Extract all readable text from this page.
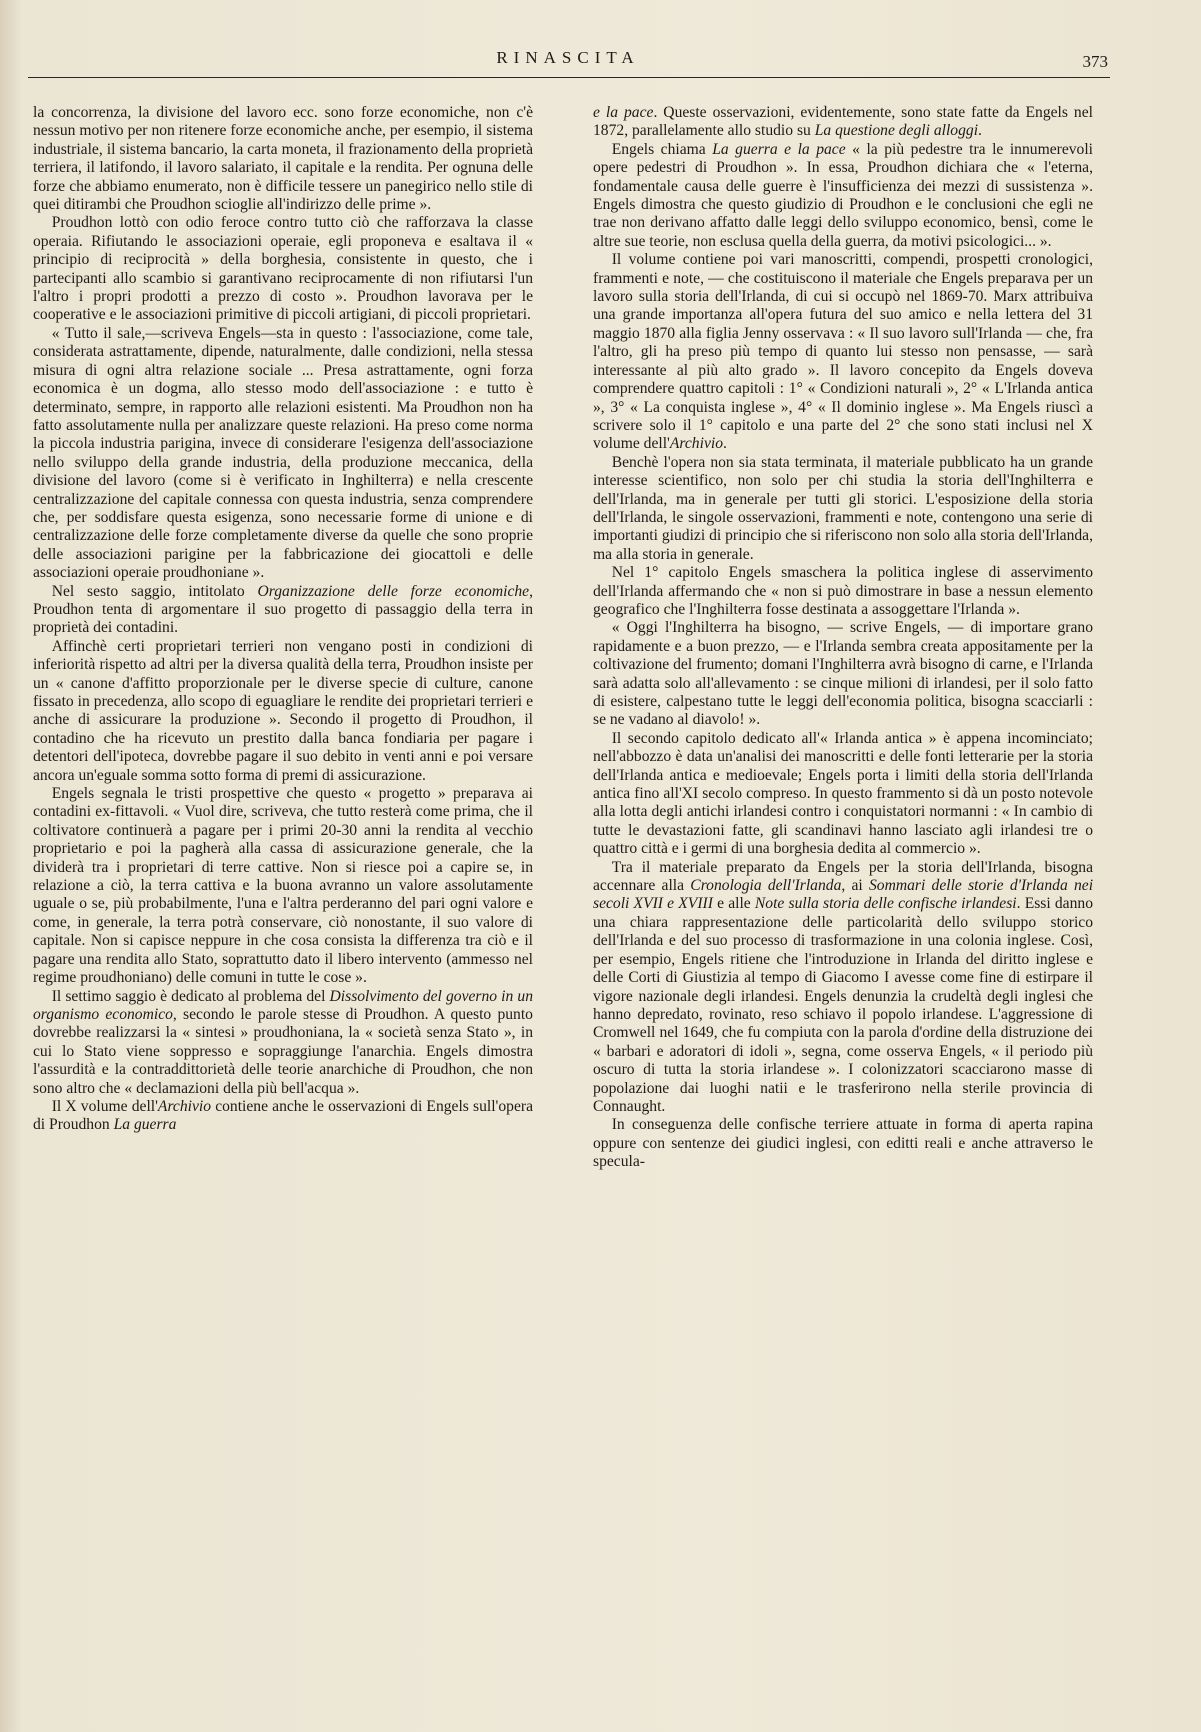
RINASCITA	373

la concorrenza, la divisione del lavoro ecc. sono forze economiche, non c'è nessun motivo per non ritenere forze economiche anche, per esempio, il sistema industriale, il sistema bancario, la carta moneta, il frazionamento della proprietà terriera, il latifondo, il lavoro salariato, il capitale e la rendita. Per ognuna delle forze che abbiamo enumerato, non è difficile tessere un panegirico nello stile di quei ditirambi che Proudhon scioglie all'indirizzo delle prime ».

Proudhon lottò con odio feroce contro tutto ciò che rafforzava la classe operaia. Rifiutando le associazioni operaie, egli proponeva e esaltava il « principio di reciprocità » della borghesia, consistente in questo, che i partecipanti allo scambio si garantivano reciprocamente di non rifiutarsi l'un l'altro i propri prodotti a prezzo di costo ». Proudhon lavorava per le cooperative e le associazioni primitive di piccoli artigiani, di piccoli proprietari.

« Tutto il sale,—scriveva Engels—sta in questo : l'associazione, come tale, considerata astrattamente, dipende, naturalmente, dalle condizioni, nella stessa misura di ogni altra relazione sociale ... Presa astrattamente, ogni forza economica è un dogma, allo stesso modo dell'associazione : e tutto è determinato, sempre, in rapporto alle relazioni esistenti. Ma Proudhon non ha fatto assolutamente nulla per analizzare queste relazioni. Ha preso come norma la piccola industria parigina, invece di considerare l'esigenza dell'associazione nello sviluppo della grande industria, della produzione meccanica, della divisione del lavoro (come si è verificato in Inghilterra) e nella crescente centralizzazione del capitale connessa con questa industria, senza comprendere che, per soddisfare questa esigenza, sono necessarie forme di unione e di centralizzazione delle forze completamente diverse da quelle che sono proprie delle associazioni parigine per la fabbricazione dei giocattoli e delle associazioni operaie proudhoniane ».

Nel sesto saggio, intitolato Organizzazione delle forze economiche, Proudhon tenta di argomentare il suo progetto di passaggio della terra in proprietà dei contadini.

Affinchè certi proprietari terrieri non vengano posti in condizioni di inferiorità rispetto ad altri per la diversa qualità della terra, Proudhon insiste per un « canone d'affitto proporzionale per le diverse specie di culture, canone fissato in precedenza, allo scopo di eguagliare le rendite dei proprietari terrieri e anche di assicurare la produzione ». Secondo il progetto di Proudhon, il contadino che ha ricevuto un prestito dalla banca fondiaria per pagare i detentori dell'ipoteca, dovrebbe pagare il suo debito in venti anni e poi versare ancora un'eguale somma sotto forma di premi di assicurazione.

Engels segnala le tristi prospettive che questo « progetto » preparava ai contadini ex-fittavoli. « Vuol dire, scriveva, che tutto resterà come prima, che il coltivatore continuerà a pagare per i primi 20-30 anni la rendita al vecchio proprietario e poi la pagherà alla cassa di assicurazione generale, che la dividerà tra i proprietari di terre cattive. Non si riesce poi a capire se, in relazione a ciò, la terra cattiva e la buona avranno un valore assolutamente uguale o se, più probabilmente, l'una e l'altra perderanno del pari ogni valore e come, in generale, la terra potrà conservare, ciò nonostante, il suo valore di capitale. Non si capisce neppure in che cosa consista la differenza tra ciò e il pagare una rendita allo Stato, soprattutto dato il libero intervento (ammesso nel regime proudhoniano) delle comuni in tutte le cose ».

Il settimo saggio è dedicato al problema del Dissolvimento del governo in un organismo economico, secondo le parole stesse di Proudhon. A questo punto dovrebbe realizzarsi la « sintesi » proudhoniana, la « società senza Stato », in cui lo Stato viene soppresso e sopraggiunge l'anarchia. Engels dimostra l'assurdità e la contraddittorietà delle teorie anarchiche di Proudhon, che non sono altro che « declamazioni della più bell'acqua ».

Il X volume dell'Archivio contiene anche le osservazioni di Engels sull'opera di Proudhon La guerra

e la pace. Queste osservazioni, evidentemente, sono state fatte da Engels nel 1872, parallelamente allo studio su La questione degli alloggi.

Engels chiama La guerra e la pace « la più pedestre tra le innumerevoli opere pedestri di Proudhon ». In essa, Proudhon dichiara che « l'eterna, fondamentale causa delle guerre è l'insufficienza dei mezzi di sussistenza ». Engels dimostra che questo giudizio di Proudhon e le conclusioni che egli ne trae non derivano affatto dalle leggi dello sviluppo economico, bensì, come le altre sue teorie, non esclusa quella della guerra, da motivi psicologici... ».

Il volume contiene poi vari manoscritti, compendi, prospetti cronologici, frammenti e note, — che costituiscono il materiale che Engels preparava per un lavoro sulla storia dell'Irlanda, di cui si occupò nel 1869-70. Marx attribuiva una grande importanza all'opera futura del suo amico e nella lettera del 31 maggio 1870 alla figlia Jenny osservava : « Il suo lavoro sull'Irlanda — che, fra l'altro, gli ha preso più tempo di quanto lui stesso non pensasse, — sarà interessante al più alto grado ». Il lavoro concepito da Engels doveva comprendere quattro capitoli : 1° « Condizioni naturali », 2° « L'Irlanda antica », 3° « La conquista inglese », 4° « Il dominio inglese ». Ma Engels riuscì a scrivere solo il 1° capitolo e una parte del 2° che sono stati inclusi nel X volume dell'Archivio.

Benchè l'opera non sia stata terminata, il materiale pubblicato ha un grande interesse scientifico, non solo per chi studia la storia dell'Inghilterra e dell'Irlanda, ma in generale per tutti gli storici. L'esposizione della storia dell'Irlanda, le singole osservazioni, frammenti e note, contengono una serie di importanti giudizi di principio che si riferiscono non solo alla storia dell'Irlanda, ma alla storia in generale.

Nel 1° capitolo Engels smaschera la politica inglese di asservimento dell'Irlanda affermando che « non si può dimostrare in base a nessun elemento geografico che l'Inghilterra fosse destinata a assoggettare l'Irlanda ».

« Oggi l'Inghilterra ha bisogno, — scrive Engels, — di importare grano rapidamente e a buon prezzo, — e l'Irlanda sembra creata appositamente per la coltivazione del frumento; domani l'Inghilterra avrà bisogno di carne, e l'Irlanda sarà adatta solo all'allevamento : se cinque milioni di irlandesi, per il solo fatto di esistere, calpestano tutte le leggi dell'economia politica, bisogna scacciarli : se ne vadano al diavolo! ».

Il secondo capitolo dedicato all'« Irlanda antica » è appena incominciato; nell'abbozzo è data un'analisi dei manoscritti e delle fonti letterarie per la storia dell'Irlanda antica e medioevale; Engels porta i limiti della storia dell'Irlanda antica fino all'XI secolo compreso. In questo frammento si dà un posto notevole alla lotta degli antichi irlandesi contro i conquistatori normanni : « In cambio di tutte le devastazioni fatte, gli scandinavi hanno lasciato agli irlandesi tre o quattro città e i germi di una borghesia dedita al commercio ».

Tra il materiale preparato da Engels per la storia dell'Irlanda, bisogna accennare alla Cronologia dell'Irlanda, ai Sommari delle storie d'Irlanda nei secoli XVII e XVIII e alle Note sulla storia delle confische irlandesi. Essi danno una chiara rappresentazione delle particolarità dello sviluppo storico dell'Irlanda e del suo processo di trasformazione in una colonia inglese. Così, per esempio, Engels ritiene che l'introduzione in Irlanda del diritto inglese e delle Corti di Giustizia al tempo di Giacomo I avesse come fine di estirpare il vigore nazionale degli irlandesi. Engels denunzia la crudeltà degli inglesi che hanno depredato, rovinato, reso schiavo il popolo irlandese. L'aggressione di Cromwell nel 1649, che fu compiuta con la parola d'ordine della distruzione dei « barbari e adoratori di idoli », segna, come osserva Engels, « il periodo più oscuro di tutta la storia irlandese ». I colonizzatori scacciarono masse di popolazione dai luoghi natii e le trasferirono nella sterile provincia di Connaught.

In conseguenza delle confische terriere attuate in forma di aperta rapina oppure con sentenze dei giudici inglesi, con editti reali e anche attraverso le specula-
